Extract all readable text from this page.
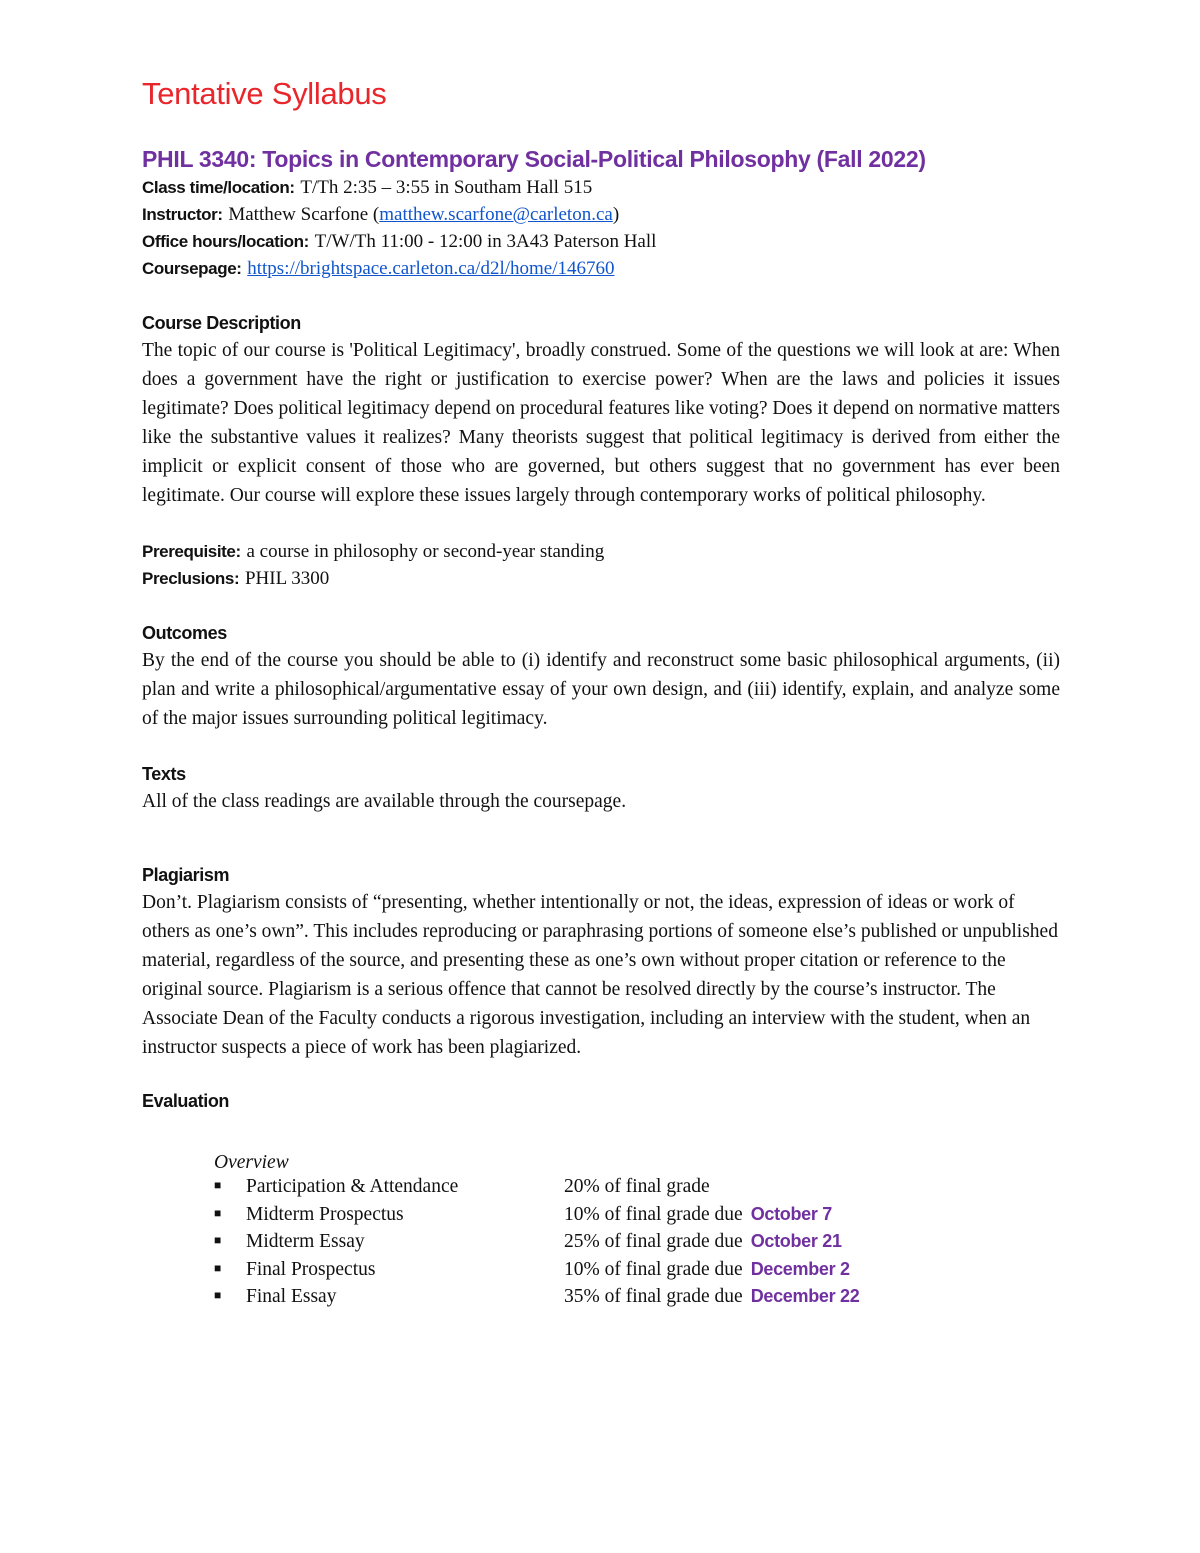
Tentative Syllabus
PHIL 3340: Topics in Contemporary Social-Political Philosophy (Fall 2022)

Class time/location: T/Th 2:35 – 3:55 in Southam Hall 515

Instructor: Matthew Scarfone (matthew.scarfone@carleton.ca)

Office hours/location: T/W/Th 11:00 - 12:00 in 3A43 Paterson Hall

Coursepage: https://brightspace.carleton.ca/d2l/home/146760

Course Description

The topic of our course is 'Political Legitimacy', broadly construed. Some of the questions we will look at are: When does a government have the right or justification to exercise power? When are the laws and policies it issues legitimate? Does political legitimacy depend on procedural features like voting? Does it depend on normative matters like the substantive values it realizes? Many theorists suggest that political legitimacy is derived from either the implicit or explicit consent of those who are governed, but others suggest that no government has ever been legitimate. Our course will explore these issues largely through contemporary works of political philosophy.

Prerequisite: a course in philosophy or second-year standing

Preclusions: PHIL 3300

Outcomes

By the end of the course you should be able to (i) identify and reconstruct some basic philosophical arguments, (ii) plan and write a philosophical/argumentative essay of your own design, and (iii) identify, explain, and analyze some of the major issues surrounding political legitimacy.

Texts

All of the class readings are available through the coursepage.

Plagiarism

Don’t. Plagiarism consists of “presenting, whether intentionally or not, the ideas, expression of ideas or work of others as one’s own”. This includes reproducing or paraphrasing portions of someone else’s published or unpublished material, regardless of the source, and presenting these as one’s own without proper citation or reference to the original source. Plagiarism is a serious offence that cannot be resolved directly by the course’s instructor. The Associate Dean of the Faculty conducts a rigorous investigation, including an interview with the student, when an instructor suspects a piece of work has been plagiarized.

Evaluation

Overview

■	Participation & Attendance	20% of final grade
■	Midterm Prospectus	10% of final grade due October 7
■	Midterm Essay	25% of final grade due October 21
■	Final Prospectus	10% of final grade due December 2
■	Final Essay	35% of final grade due December 22
